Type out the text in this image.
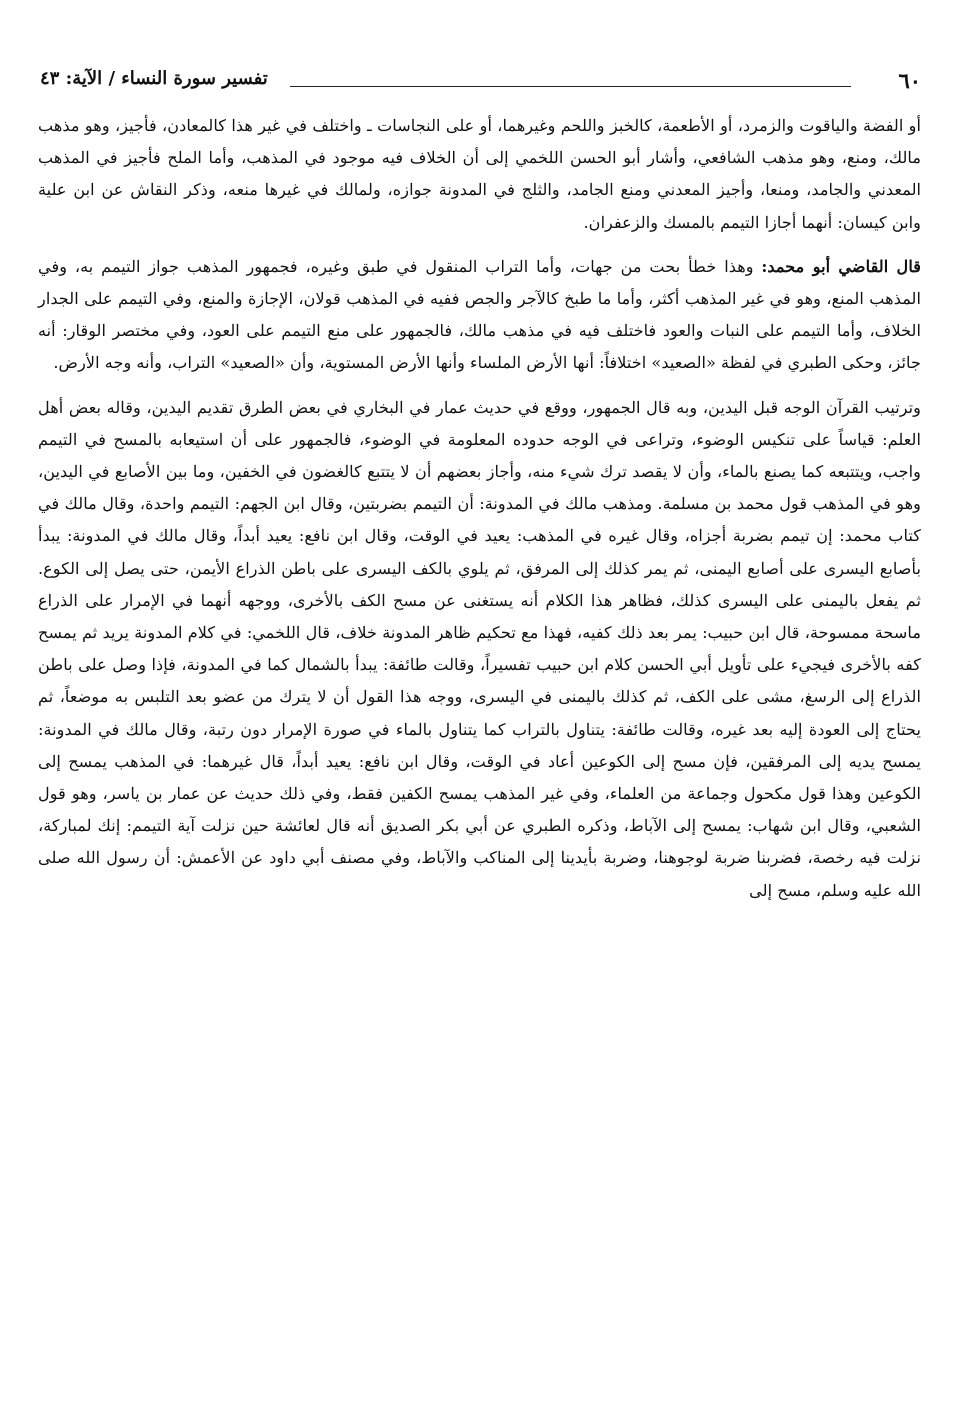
٦٠
تفسير سورة النساء / الآية: ٤٣

أو الفضة والياقوت والزمرد، أو الأطعمة، كالخبز واللحم وغيرهما، أو على النجاسات ـ واختلف في غير هذا كالمعادن، فأجيز، وهو مذهب مالك، ومنع، وهو مذهب الشافعي، وأشار أبو الحسن اللخمي إلى أن الخلاف فيه موجود في المذهب، وأما الملح فأجيز في المذهب المعدني والجامد، ومنعا، وأجيز المعدني ومنع الجامد، والثلج في المدونة جوازه، ولمالك في غيرها منعه، وذكر النقاش عن ابن علية وابن كيسان: أنهما أجازا التيمم بالمسك والزعفران.

قال القاضي أبو محمد: وهذا خطأ بحت من جهات، وأما التراب المنقول في طبق وغيره، فجمهور المذهب جواز التيمم به، وفي المذهب المنع، وهو في غير المذهب أكثر، وأما ما طبخ كالآجر والجص ففيه في المذهب قولان، الإجازة والمنع، وفي التيمم على الجدار الخلاف، وأما التيمم على النبات والعود فاختلف فيه في مذهب مالك، فالجمهور على منع التيمم على العود، وفي مختصر الوقار: أنه جائز، وحكى الطبري في لفظة «الصعيد» اختلافاً: أنها الأرض الملساء وأنها الأرض المستوية، وأن «الصعيد» التراب، وأنه وجه الأرض.

وترتيب القرآن الوجه قبل اليدين، وبه قال الجمهور، ووقع في حديث عمار في البخاري في بعض الطرق تقديم اليدين، وقاله بعض أهل العلم: قياساً على تنكيس الوضوء، وتراعى في الوجه حدوده المعلومة في الوضوء، فالجمهور على أن استيعابه بالمسح في التيمم واجب، ويتتبعه كما يصنع بالماء، وأن لا يقصد ترك شيء منه، وأجاز بعضهم أن لا يتتبع كالغضون في الخفين، وما بين الأصابع في اليدين، وهو في المذهب قول محمد بن مسلمة. ومذهب مالك في المدونة: أن التيمم بضربتين، وقال ابن الجهم: التيمم واحدة، وقال مالك في كتاب محمد: إن تيمم بضربة أجزاه، وقال غيره في المذهب: يعيد في الوقت، وقال ابن نافع: يعيد أبداً، وقال مالك في المدونة: يبدأ بأصابع اليسرى على أصابع اليمنى، ثم يمر كذلك إلى المرفق، ثم يلوي بالكف اليسرى على باطن الذراع الأيمن، حتى يصل إلى الكوع. ثم يفعل باليمنى على اليسرى كذلك، فظاهر هذا الكلام أنه يستغنى عن مسح الكف بالأخرى، ووجهه أنهما في الإمرار على الذراع ماسحة ممسوحة، قال ابن حبيب: يمر بعد ذلك كفيه، فهذا مع تحكيم ظاهر المدونة خلاف، قال اللخمي: في كلام المدونة يريد ثم يمسح كفه بالأخرى فيجيء على تأويل أبي الحسن كلام ابن حبيب تفسيراً، وقالت طائفة: يبدأ بالشمال كما في المدونة، فإذا وصل على باطن الذراع إلى الرسغ، مشى على الكف، ثم كذلك باليمنى في اليسرى، ووجه هذا القول أن لا يترك من عضو بعد التلبس به موضعاً، ثم يحتاج إلى العودة إليه بعد غيره، وقالت طائفة: يتناول بالتراب كما يتناول بالماء في صورة الإمرار دون رتبة، وقال مالك في المدونة: يمسح يديه إلى المرفقين، فإن مسح إلى الكوعين أعاد في الوقت، وقال ابن نافع: يعيد أبداً، قال غيرهما: في المذهب يمسح إلى الكوعين وهذا قول مكحول وجماعة من العلماء، وفي غير المذهب يمسح الكفين فقط، وفي ذلك حديث عن عمار بن ياسر، وهو قول الشعبي، وقال ابن شهاب: يمسح إلى الآباط، وذكره الطبري عن أبي بكر الصديق أنه قال لعائشة حين نزلت آية التيمم: إنك لمباركة، نزلت فيه رخصة، فضربنا ضربة لوجوهنا، وضربة بأيدينا إلى المناكب والآباط، وفي مصنف أبي داود عن الأعمش: أن رسول الله صلى الله عليه وسلم، مسح إلى
